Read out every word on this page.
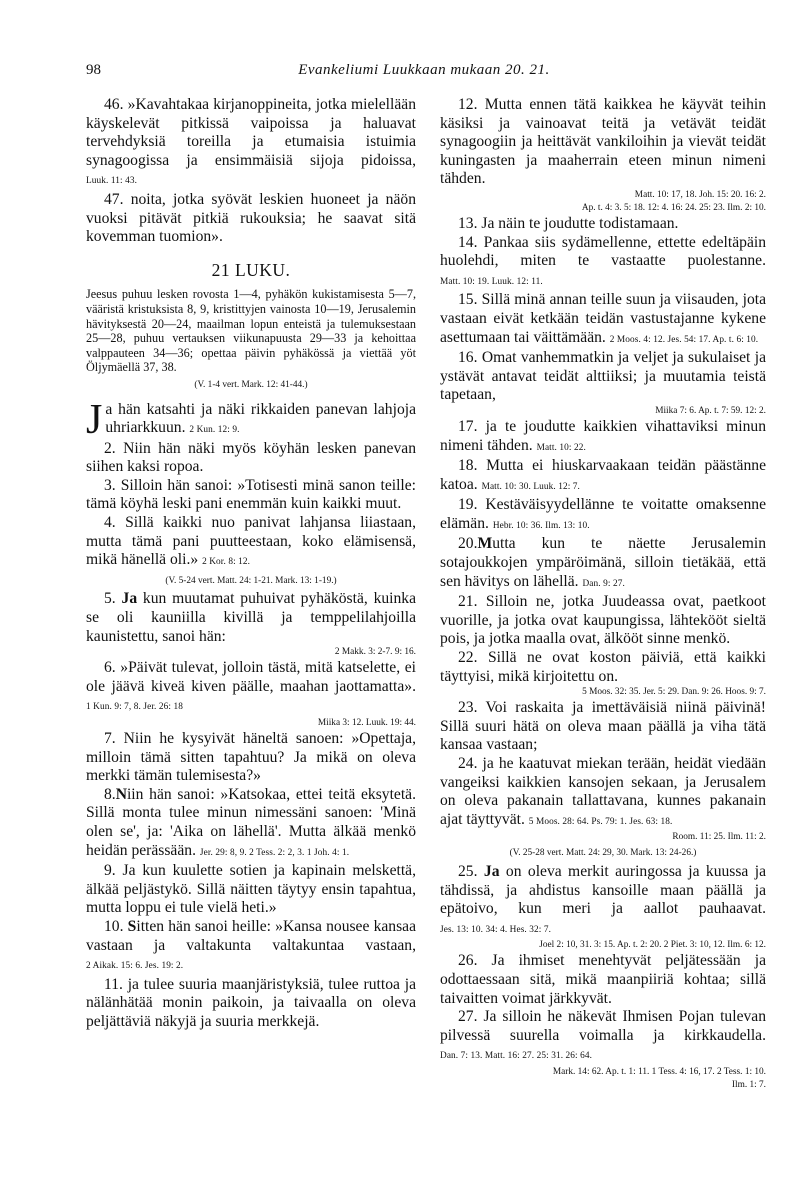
98	Evankeliumi Luukkaan mukaan 20. 21.

46. »Kavahtakaa kirjanoppineita, jotka mielellään käyskelevät pitkissä vaipoissa ja haluavat tervehdyksiä toreilla ja etumaisia istuimia synagoogissa ja ensimmäisiä sijoja pidoissa, Luuk. 11: 43.

47. noita, jotka syövät leskien huoneet ja näön vuoksi pitävät pitkiä rukouksia; he saavat sitä kovemman tuomion».

21 LUKU.

Jeesus puhuu lesken rovosta 1—4, pyhäkön kukistamisesta 5—7, vääristä kristuksista 8, 9, kristittyjen vainosta 10—19, Jerusalemin hävityksestä 20—24, maailman lopun enteistä ja tulemuksestaan 25—28, puhuu vertauksen viikunapuusta 29—33 ja kehoittaa valppauteen 34—36; opettaa päivin pyhäkössä ja viettää yöt Öljymäellä 37, 38.

(V. 1-4 vert. Mark. 12: 41-44.)

Ja hän katsahti ja näki rikkaiden panevan lahjoja uhriarkkuun. 2 Kun. 12: 9.

2. Niin hän näki myös köyhän lesken panevan siihen kaksi ropoa.

3. Silloin hän sanoi: »Totisesti minä sanon teille: tämä köyhä leski pani enemmän kuin kaikki muut.

4. Sillä kaikki nuo panivat lahjansa liiastaan, mutta tämä pani puutteestaan, koko elämisensä, mikä hänellä oli.» 2 Kor. 8: 12.

(V. 5-24 vert. Matt. 24: 1-21. Mark. 13: 1-19.)

5. Ja kun muutamat puhuivat pyhäköstä, kuinka se oli kauniilla kivillä ja temppelilahjoilla kaunistettu, sanoi hän:

2 Makk. 3: 2-7. 9: 16.

6. »Päivät tulevat, jolloin tästä, mitä katselette, ei ole jäävä kiveä kiven päälle, maahan jaottamatta». 1 Kun. 9: 7, 8. Jer. 26: 18

Miika 3: 12. Luuk. 19: 44.

7. Niin he kysyivät häneltä sanoen: »Opettaja, milloin tämä sitten tapahtuu? Ja mikä on oleva merkki tämän tulemisesta?»

8.Niin hän sanoi: »Katsokaa, ettei teitä eksytetä. Sillä monta tulee minun nimessäni sanoen: 'Minä olen se', ja: 'Aika on lähellä'. Mutta älkää menkö heidän perässään. Jer. 29: 8, 9. 2 Tess. 2: 2, 3. 1 Joh. 4: 1.

9. Ja kun kuulette sotien ja kapinain melskettä, älkää peljästykö. Sillä näitten täytyy ensin tapahtua, mutta loppu ei tule vielä heti.»

10. Sitten hän sanoi heille: »Kansa nousee kansaa vastaan ja valtakunta valtakuntaa vastaan, 2 Aikak. 15: 6. Jes. 19: 2.

11. ja tulee suuria maanjäristyksiä, tulee ruttoa ja nälänhätää monin paikoin, ja taivaalla on oleva peljättäviä näkyjä ja suuria merkkejä.

12. Mutta ennen tätä kaikkea he käyvät teihin käsiksi ja vainoavat teitä ja vetävät teidät synagoogiin ja heittävät vankiloihin ja vievät teidät kuningasten ja maaherrain eteen minun nimeni tähden.

Matt. 10: 17, 18. Joh. 15: 20. 16: 2.

Ap. t. 4: 3. 5: 18. 12: 4. 16: 24. 25: 23. Ilm. 2: 10.

13. Ja näin te joudutte todistamaan.

14. Pankaa siis sydämellenne, ettette edeltäpäin huolehdi, miten te vastaatte puolestanne. Matt. 10: 19. Luuk. 12: 11.

15. Sillä minä annan teille suun ja viisauden, jota vastaan eivät ketkään teidän vastustajanne kykene asettumaan tai väittämään. 2 Moos. 4: 12. Jes. 54: 17. Ap. t. 6: 10.

16. Omat vanhemmatkin ja veljet ja sukulaiset ja ystävät antavat teidät alttiiksi; ja muutamia teistä tapetaan,

Miika 7: 6. Ap. t. 7: 59. 12: 2.

17. ja te joudutte kaikkien vihattaviksi minun nimeni tähden. Matt. 10: 22.

18. Mutta ei hiuskarvaakaan teidän päästänne katoa. Matt. 10: 30. Luuk. 12: 7.

19. Kestäväisyydellänne te voitatte omaksenne elämän. Hebr. 10: 36. Ilm. 13: 10.

20.Mutta kun te näette Jerusalemin sotajoukkojen ympäröimänä, silloin tietäkää, että sen hävitys on lähellä. Dan. 9: 27.

21. Silloin ne, jotka Juudeassa ovat, paetkoot vuorille, ja jotka ovat kaupungissa, lähtekööt sieltä pois, ja jotka maalla ovat, älkööt sinne menkö.

22. Sillä ne ovat koston päiviä, että kaikki täyttyisi, mikä kirjoitettu on.

5 Moos. 32: 35. Jer. 5: 29. Dan. 9: 26. Hoos. 9: 7.

23. Voi raskaita ja imettäväisiä niinä päivinä! Sillä suuri hätä on oleva maan päällä ja viha tätä kansaa vastaan;

24. ja he kaatuvat miekan terään, heidät viedään vangeiksi kaikkien kansojen sekaan, ja Jerusalem on oleva pakanain tallattavana, kunnes pakanain ajat täyttyvät. 5 Moos. 28: 64. Ps. 79: 1. Jes. 63: 18.

Room. 11: 25. Ilm. 11: 2.

(V. 25-28 vert. Matt. 24: 29, 30. Mark. 13: 24-26.)

25. Ja on oleva merkit auringossa ja kuussa ja tähdissä, ja ahdistus kansoille maan päällä ja epätoivo, kun meri ja aallot pauhaavat. Jes. 13: 10. 34: 4. Hes. 32: 7.

Joel 2: 10, 31. 3: 15. Ap. t. 2: 20. 2 Piet. 3: 10, 12. Ilm. 6: 12.

26. Ja ihmiset menehtyvät peljätessään ja odottaessaan sitä, mikä maanpiiriä kohtaa; sillä taivaitten voimat järkkyvät.

27. Ja silloin he näkevät Ihmisen Pojan tulevan pilvessä suurella voimalla ja kirkkaudella. Dan. 7: 13. Matt. 16: 27. 25: 31. 26: 64.

Mark. 14: 62. Ap. t. 1: 11. 1 Tess. 4: 16, 17. 2 Tess. 1: 10.

Ilm. 1: 7.
